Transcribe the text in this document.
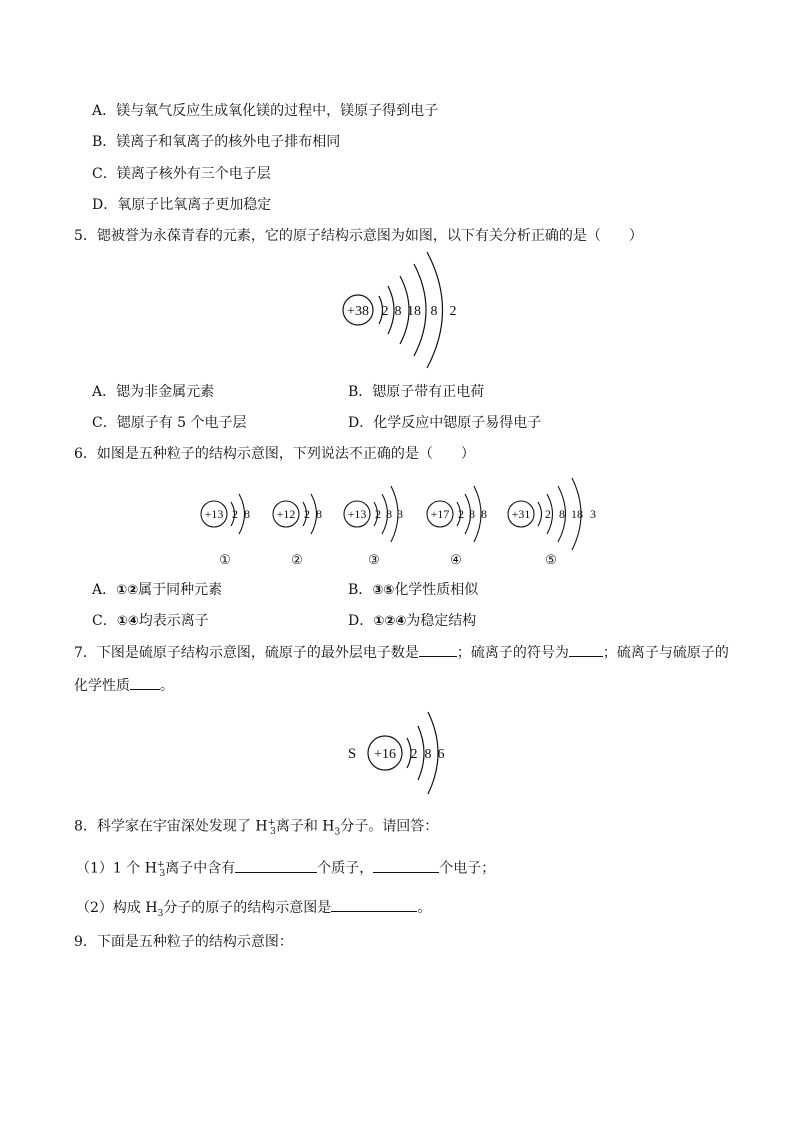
A．镁与氧气反应生成氧化镁的过程中，镁原子得到电子
B．镁离子和氧离子的核外电子排布相同
C．镁离子核外有三个电子层
D．氧原子比氧离子更加稳定
5．锶被誉为永葆青春的元素，它的原子结构示意图为如图，以下有关分析正确的是（　　）
+38 2 8 18 8 2
A．锶为非金属元素	B．锶原子带有正电荷
C．锶原子有 5 个电子层	D．化学反应中锶原子易得电子
6．如图是五种粒子的结构示意图，下列说法不正确的是（　　）
+13 2 8
①
+12 2 8
②
+13 2 8 3
③
+17 2 8 8
④
+31 2 8 18 3
⑤
A．①②属于同种元素	B．③⑤化学性质相似
C．①④均表示离子	D．①②④为稳定结构
7．下图是硫原子结构示意图，硫原子的最外层电子数是	；硫离子的符号为 ；硫离子与硫原子的
化学性质 。
S +16 2 8 6
8．科学家在宇宙深处发现了 $H^+_3$离子和 $H_3$分子。请回答：
（1）1 个 $H^+_3$离子中含有	个质子，	个电子；
（2）构成 $H_3$分子的原子的结构示意图是	。
9．下面是五种粒子的结构示意图：
